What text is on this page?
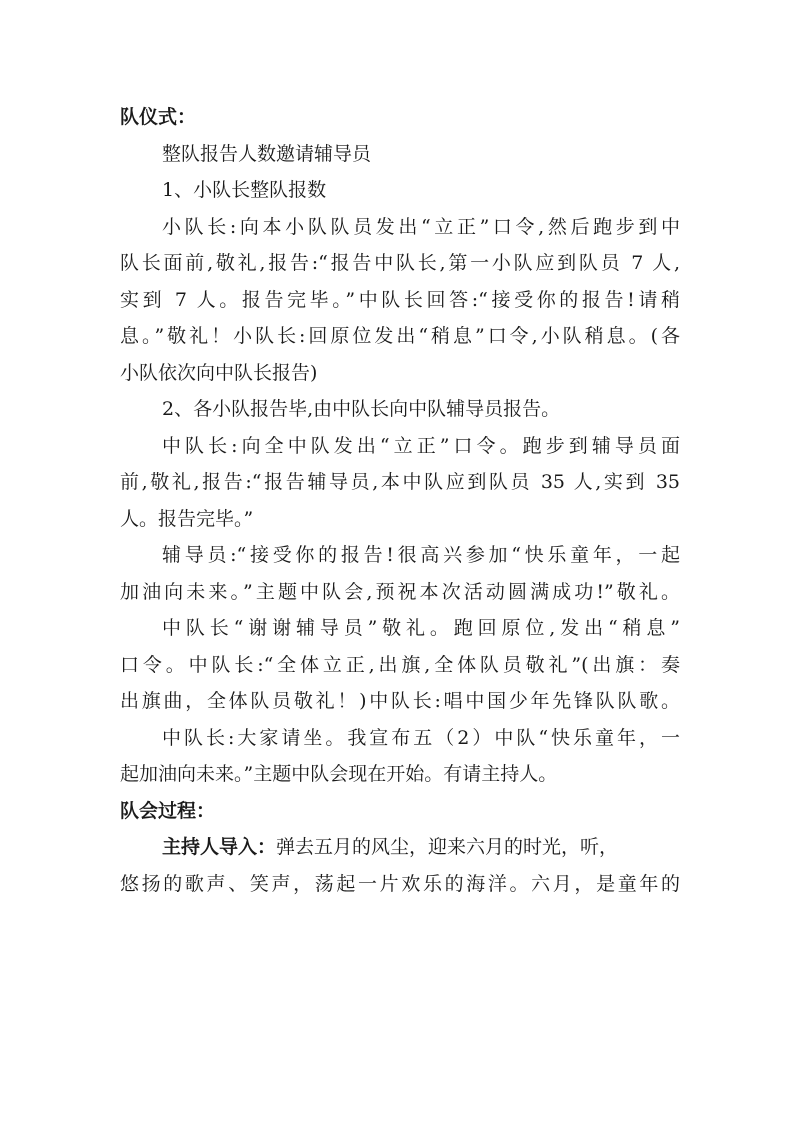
队仪式：
整队报告人数邀请辅导员
1、小队长整队报数
小队长:向本小队队员发出“立正”口令,然后跑步到中
队长面前,敬礼,报告:“报告中队长,第一小队应到队员 7 人,
实到 7 人。报告完毕。”中队长回答:“接受你的报告!请稍
息。”敬礼！小队长:回原位发出“稍息”口令,小队稍息。(各
小队依次向中队长报告)
2、各小队报告毕,由中队长向中队辅导员报告。
中队长:向全中队发出“立正”口令。跑步到辅导员面
前,敬礼,报告:“报告辅导员,本中队应到队员 35 人,实到 35
人。报告完毕。”
辅导员:“接受你的报告!很高兴参加“快乐童年，一起
加油向未来。”主题中队会,预祝本次活动圆满成功!”敬礼。
中队长“谢谢辅导员”敬礼。跑回原位,发出“稍息”
口令。中队长:“全体立正,出旗,全体队员敬礼”(出旗：奏
出旗曲，全体队员敬礼！)中队长:唱中国少年先锋队队歌。
中队长:大家请坐。我宣布五（2）中队“快乐童年，一
起加油向未来。”主题中队会现在开始。有请主持人。
队会过程：
主持人导入：弹去五月的风尘，迎来六月的时光，听，
悠扬的歌声、笑声，荡起一片欢乐的海洋。六月，是童年的
